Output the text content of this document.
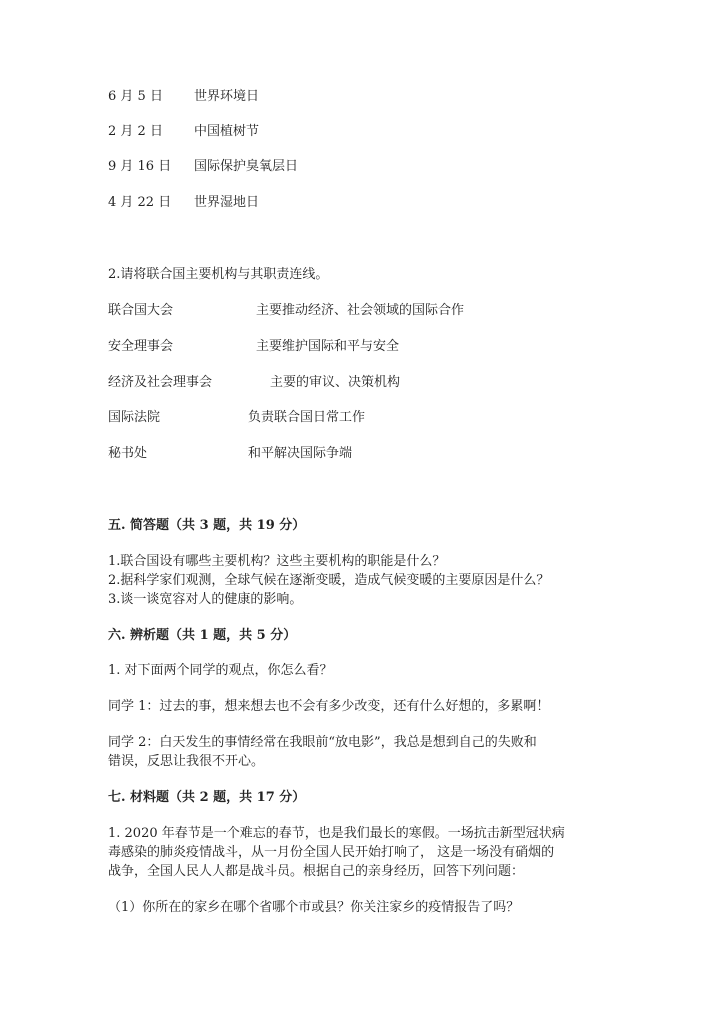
6 月 5 日 世界环境日
2 月 2 日 中国植树节
9 月 16 日 国际保护臭氧层日
4 月 22 日 世界湿地日
2.请将联合国主要机构与其职责连线。
联合国大会	主要推动经济、社会领域的国际合作
安全理事会	主要维护国际和平与安全
经济及社会理事会	主要的审议、决策机构
国际法院	负责联合国日常工作
秘书处	和平解决国际争端
五. 简答题（共 3 题，共 19 分）
1.联合国设有哪些主要机构？这些主要机构的职能是什么？
2.据科学家们观测，全球气候在逐渐变暖，造成气候变暖的主要原因是什么？
3.谈一谈宽容对人的健康的影响。
六. 辨析题（共 1 题，共 5 分）
1. 对下面两个同学的观点，你怎么看？
同学 1：过去的事，想来想去也不会有多少改变，还有什么好想的，多累啊！
同学 2：白天发生的事情经常在我眼前“放电影”，我总是想到自己的失败和
错误，反思让我很不开心。
七. 材料题（共 2 题，共 17 分）
1. 2020 年春节是一个难忘的春节，也是我们最长的寒假。一场抗击新型冠状病
毒感染的肺炎疫情战斗，从一月份全国人民开始打响了， 这是一场没有硝烟的
战争，全国人民人人都是战斗员。根据自己的亲身经历，回答下列问题：
（1）你所在的家乡在哪个省哪个市或县？你关注家乡的疫情报告了吗？
